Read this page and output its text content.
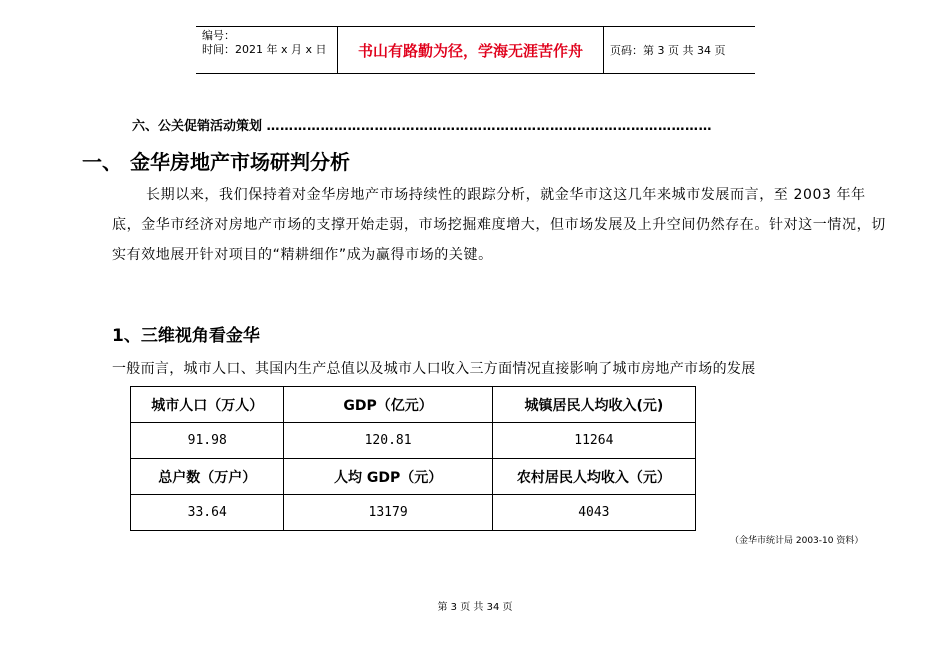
编号：
时间：2021 年 x 月 x 日	书山有路勤为径，学海无涯苦作舟	页码：第 3 页 共 34 页
六、公关促销活动策划 ………………………………………………………………………………………
一、 金华房地产市场研判分析
长期以来，我们保持着对金华房地产市场持续性的跟踪分析，就金华市这这几年来城市发展而言，至 2003 年年底，金华市经济对房地产市场的支撑开始走弱，市场挖掘难度增大，但市场发展及上升空间仍然存在。针对这一情况，切实有效地展开针对项目的“精耕细作”成为赢得市场的关键。
1、三维视角看金华
一般而言，城市人口、其国内生产总值以及城市人口收入三方面情况直接影响了城市房地产市场的发展
城市人口（万人）	GDP（亿元）	城镇居民人均收入(元)
91.98	120.81	11264
总户数（万户）	人均 GDP（元）	农村居民人均收入（元）
33.64	13179	4043
（金华市统计局 2003-10 资料）
第 3 页 共 34 页
